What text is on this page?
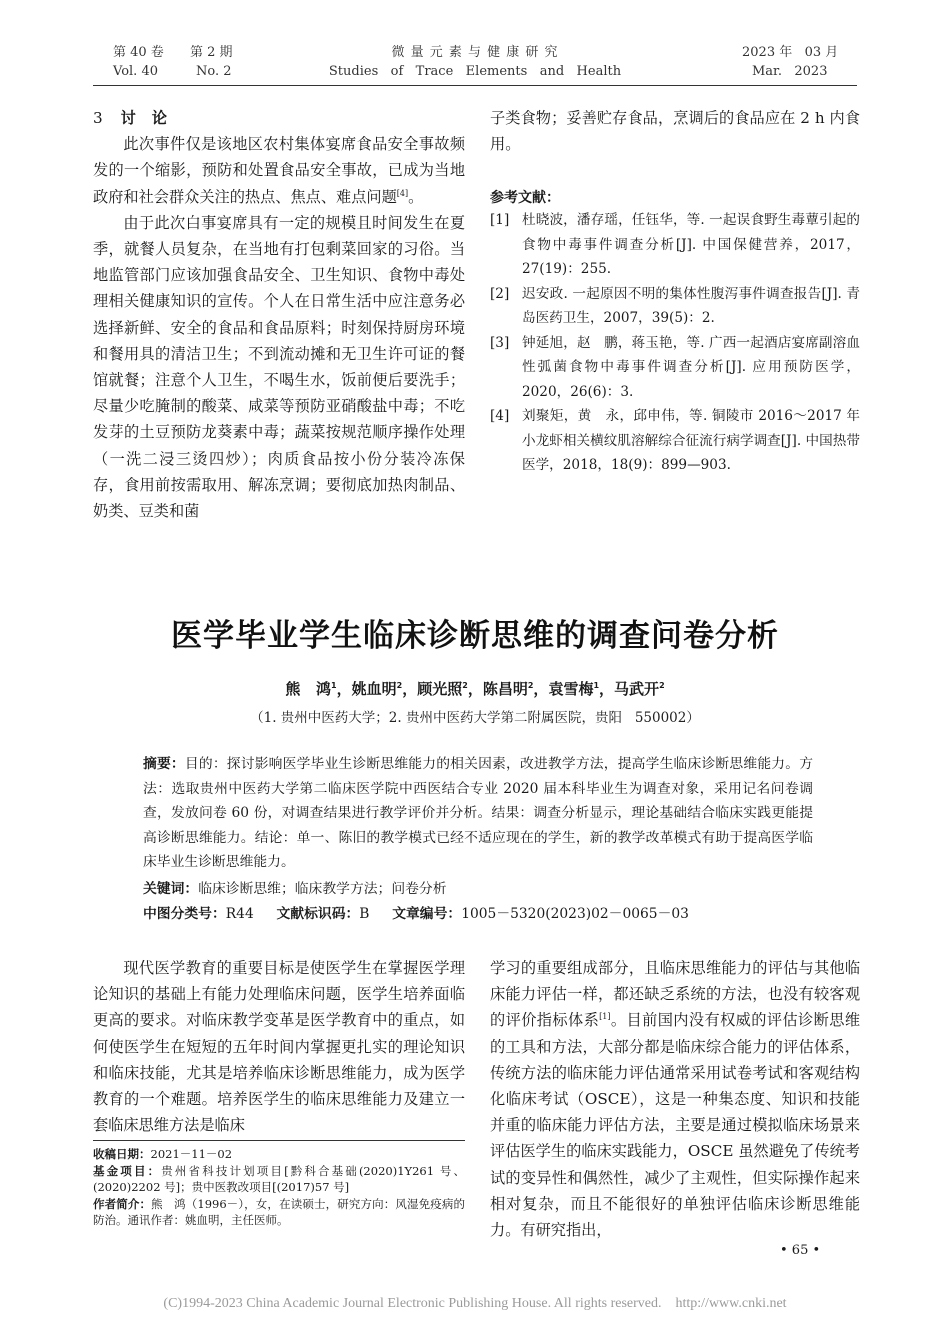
第 40 卷 第 2 期
Vol. 40	No. 2
微 量 元 素 与 健 康 研 究
Studies   of   Trace   Elements   and   Health
2023 年   03 月
Mar.   2023
3 讨   论
此次事件仅是该地区农村集体宴席食品安全事故频发的一个缩影，预防和处置食品安全事故，已成为当地政府和社会群众关注的热点、焦点、难点问题[4]。
由于此次白事宴席具有一定的规模且时间发生在夏季，就餐人员复杂，在当地有打包剩菜回家的习俗。当地监管部门应该加强食品安全、卫生知识、食物中毒处理相关健康知识的宣传。个人在日常生活中应注意务必选择新鲜、安全的食品和食品原料；时刻保持厨房环境和餐用具的清洁卫生；不到流动摊和无卫生许可证的餐馆就餐；注意个人卫生，不喝生水，饭前便后要洗手；尽量少吃腌制的酸菜、咸菜等预防亚硝酸盐中毒；不吃发芽的土豆预防龙葵素中毒；蔬菜按规范顺序操作处理（一洗二浸三烫四炒）；肉质食品按小份分装冷冻保存，食用前按需取用、解冻烹调；要彻底加热肉制品、奶类、豆类和菌
子类食物；妥善贮存食品，烹调后的食品应在 2 h 内食用。
参考文献：
[1] 杜晓波，潘存瑶，任钰华，等. 一起误食野生毒蕈引起的食物中毒事件调查分析[J]. 中国保健营养，2017，27(19)：255.
[2] 迟安政. 一起原因不明的集体性腹泻事件调查报告[J]. 青岛医药卫生，2007，39(5)：2.
[3] 钟延旭，赵   鹏，蒋玉艳，等. 广西一起酒店宴席副溶血性弧菌食物中毒事件调查分析[J]. 应用预防医学，2020，26(6)：3.
[4] 刘聚矩，黄   永，邱申伟，等. 铜陵市 2016～2017 年小龙虾相关横纹肌溶解综合征流行病学调查[J]. 中国热带医学，2018，18(9)：899—903.
医学毕业学生临床诊断思维的调查问卷分析
熊   鸿$^1$，姚血明$^2$，顾光照$^2$，陈昌明$^2$，袁雪梅$^1$，马武开$^2$
（1. 贵州中医药大学；2. 贵州中医药大学第二附属医院，贵阳   550002）
摘要：目的：探讨影响医学毕业生诊断思维能力的相关因素，改进教学方法，提高学生临床诊断思维能力。方法：选取贵州中医药大学第二临床医学院中西医结合专业 2020 届本科毕业生为调查对象，采用记名问卷调查，发放问卷 60 份，对调查结果进行教学评价并分析。结果：调查分析显示，理论基础结合临床实践更能提高诊断思维能力。结论：单一、陈旧的教学模式已经不适应现在的学生，新的教学改革模式有助于提高医学临床毕业生诊断思维能力。
关键词：临床诊断思维；临床教学方法；问卷分析
中图分类号：R44 文献标识码：B 文章编号：1005－5320(2023)02－0065－03
现代医学教育的重要目标是使医学生在掌握医学理论知识的基础上有能力处理临床问题，医学生培养面临更高的要求。对临床教学变革是医学教育中的重点，如何使医学生在短短的五年时间内掌握更扎实的理论知识和临床技能，尤其是培养临床诊断思维能力，成为医学教育的一个难题。培养医学生的临床思维能力及建立一套临床思维方法是临床
收稿日期：2021－11－02
基金项目：贵州省科技计划项目[黔科合基础(2020)1Y261 号、(2020)2202 号]；贵中医教改项目[(2017)57 号]
作者简介：熊   鸿（1996－），女，在读硕士，研究方向：风湿免疫病的防治。通讯作者：姚血明，主任医师。
学习的重要组成部分，且临床思维能力的评估与其他临床能力评估一样，都还缺乏系统的方法，也没有较客观的评价指标体系[1]。目前国内没有权威的评估诊断思维的工具和方法，大部分都是临床综合能力的评估体系，传统方法的临床能力评估通常采用试卷考试和客观结构化临床考试（OSCE），这是一种集态度、知识和技能并重的临床能力评估方法，主要是通过模拟临床场景来评估医学生的临床实践能力，OSCE 虽然避免了传统考试的变异性和偶然性，减少了主观性，但实际操作起来相对复杂，而且不能很好的单独评估临床诊断思维能力。有研究指出，
• 65 •
(C)1994-2023 China Academic Journal Electronic Publishing House. All rights reserved.    http://www.cnki.net
